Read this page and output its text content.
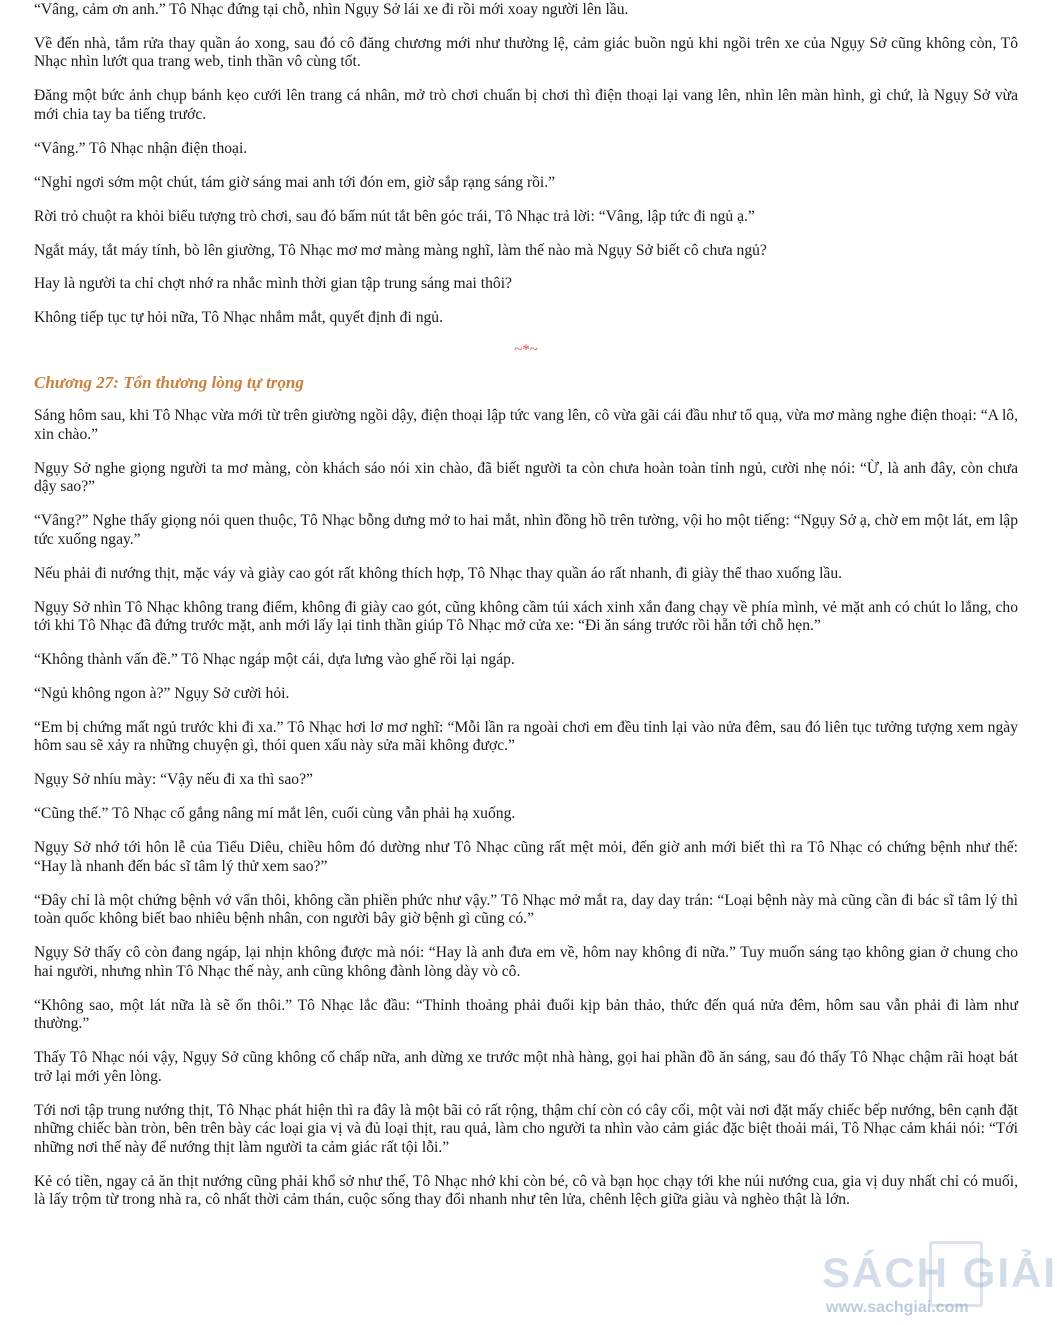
“Vâng, cảm ơn anh.” Tô Nhạc đứng tại chỗ, nhìn Ngụy Sở lái xe đi rồi mới xoay người lên lầu.

Về đến nhà, tắm rửa thay quần áo xong, sau đó cô đăng chương mới như thường lệ, cảm giác buồn ngủ khi ngồi trên xe của Ngụy Sở cũng không còn, Tô Nhạc nhìn lướt qua trang web, tinh thần vô cùng tốt.

Đăng một bức ảnh chụp bánh kẹo cưới lên trang cá nhân, mở trò chơi chuẩn bị chơi thì điện thoại lại vang lên, nhìn lên màn hình, gì chứ, là Ngụy Sở vừa mới chia tay ba tiếng trước.

“Vâng.” Tô Nhạc nhận điện thoại.

“Nghỉ ngơi sớm một chút, tám giờ sáng mai anh tới đón em, giờ sắp rạng sáng rồi.”

Rời trỏ chuột ra khỏi biểu tượng trò chơi, sau đó bấm nút tắt bên góc trái, Tô Nhạc trả lời: “Vâng, lập tức đi ngủ ạ.”

Ngắt máy, tắt máy tính, bò lên giường, Tô Nhạc mơ mơ màng màng nghĩ, làm thế nào mà Ngụy Sở biết cô chưa ngủ?

Hay là người ta chỉ chợt nhớ ra nhắc mình thời gian tập trung sáng mai thôi?

Không tiếp tục tự hỏi nữa, Tô Nhạc nhắm mắt, quyết định đi ngủ.

~*~
Chương 27: Tổn thương lòng tự trọng

Sáng hôm sau, khi Tô Nhạc vừa mới từ trên giường ngồi dậy, điện thoại lập tức vang lên, cô vừa gãi cái đầu như tổ quạ, vừa mơ màng nghe điện thoại: “A lô, xin chào.”

Ngụy Sở nghe giọng người ta mơ màng, còn khách sáo nói xin chào, đã biết người ta còn chưa hoàn toàn tỉnh ngủ, cười nhẹ nói: “Ừ, là anh đây, còn chưa dậy sao?”

“Vâng?” Nghe thấy giọng nói quen thuộc, Tô Nhạc bỗng dưng mở to hai mắt, nhìn đồng hồ trên tường, vội ho một tiếng: “Ngụy Sở ạ, chờ em một lát, em lập tức xuống ngay.”

Nếu phải đi nướng thịt, mặc váy và giày cao gót rất không thích hợp, Tô Nhạc thay quần áo rất nhanh, đi giày thể thao xuống lầu.

Ngụy Sở nhìn Tô Nhạc không trang điểm, không đi giày cao gót, cũng không cầm túi xách xinh xắn đang chạy về phía mình, vẻ mặt anh có chút lo lắng, cho tới khi Tô Nhạc đã đứng trước mặt, anh mới lấy lại tinh thần giúp Tô Nhạc mở cửa xe: “Đi ăn sáng trước rồi hẵn tới chỗ hẹn.”

“Không thành vấn đề.” Tô Nhạc ngáp một cái, dựa lưng vào ghế rồi lại ngáp.

“Ngủ không ngon à?” Ngụy Sở cười hỏi.

“Em bị chứng mất ngủ trước khi đi xa.” Tô Nhạc hơi lơ mơ nghĩ: “Mỗi lần ra ngoài chơi em đều tỉnh lại vào nửa đêm, sau đó liên tục tưởng tượng xem ngày hôm sau sẽ xảy ra những chuyện gì, thói quen xấu này sửa mãi không được.”

Ngụy Sở nhíu mày: “Vậy nếu đi xa thì sao?”

“Cũng thế.” Tô Nhạc cố gắng nâng mí mắt lên, cuối cùng vẫn phải hạ xuống.

Ngụy Sở nhớ tới hôn lễ của Tiểu Diêu, chiều hôm đó dường như Tô Nhạc cũng rất mệt mỏi, đến giờ anh mới biết thì ra Tô Nhạc có chứng bệnh như thế: “Hay là nhanh đến bác sĩ tâm lý thử xem sao?”

“Đây chỉ là một chứng bệnh vớ vẩn thôi, không cần phiền phức như vậy.” Tô Nhạc mở mắt ra, day day trán: “Loại bệnh này mà cũng cần đi bác sĩ tâm lý thì toàn quốc không biết bao nhiêu bệnh nhân, con người bây giờ bệnh gì cũng có.”

Ngụy Sở thấy cô còn đang ngáp, lại nhịn không được mà nói: “Hay là anh đưa em về, hôm nay không đi nữa.” Tuy muốn sáng tạo không gian ở chung cho hai người, nhưng nhìn Tô Nhạc thế này, anh cũng không đành lòng dày vò cô.

“Không sao, một lát nữa là sẽ ổn thôi.” Tô Nhạc lắc đầu: “Thỉnh thoảng phải đuổi kịp bản thảo, thức đến quá nửa đêm, hôm sau vẫn phải đi làm như thường.”

Thấy Tô Nhạc nói vậy, Ngụy Sở cũng không cố chấp nữa, anh dừng xe trước một nhà hàng, gọi hai phần đồ ăn sáng, sau đó thấy Tô Nhạc chậm rãi hoạt bát trở lại mới yên lòng.

Tới nơi tập trung nướng thịt, Tô Nhạc phát hiện thì ra đây là một bãi cỏ rất rộng, thậm chí còn có cây cối, một vài nơi đặt mấy chiếc bếp nướng, bên cạnh đặt những chiếc bàn tròn, bên trên bày các loại gia vị và đủ loại thịt, rau quả, làm cho người ta nhìn vào cảm giác đặc biệt thoải mái, Tô Nhạc cảm khái nói: “Tới những nơi thế này để nướng thịt làm người ta cảm giác rất tội lỗi.”

Kẻ có tiền, ngay cả ăn thịt nướng cũng phải khổ sở như thế, Tô Nhạc nhớ khi còn bé, cô và bạn học chạy tới khe núi nướng cua, gia vị duy nhất chỉ có muối, là lấy trộm từ trong nhà ra, cô nhất thời cảm thán, cuộc sống thay đổi nhanh như tên lửa, chênh lệch giữa giàu và nghèo thật là lớn.

SÁCH GIẢI
www.sachgiai.com
